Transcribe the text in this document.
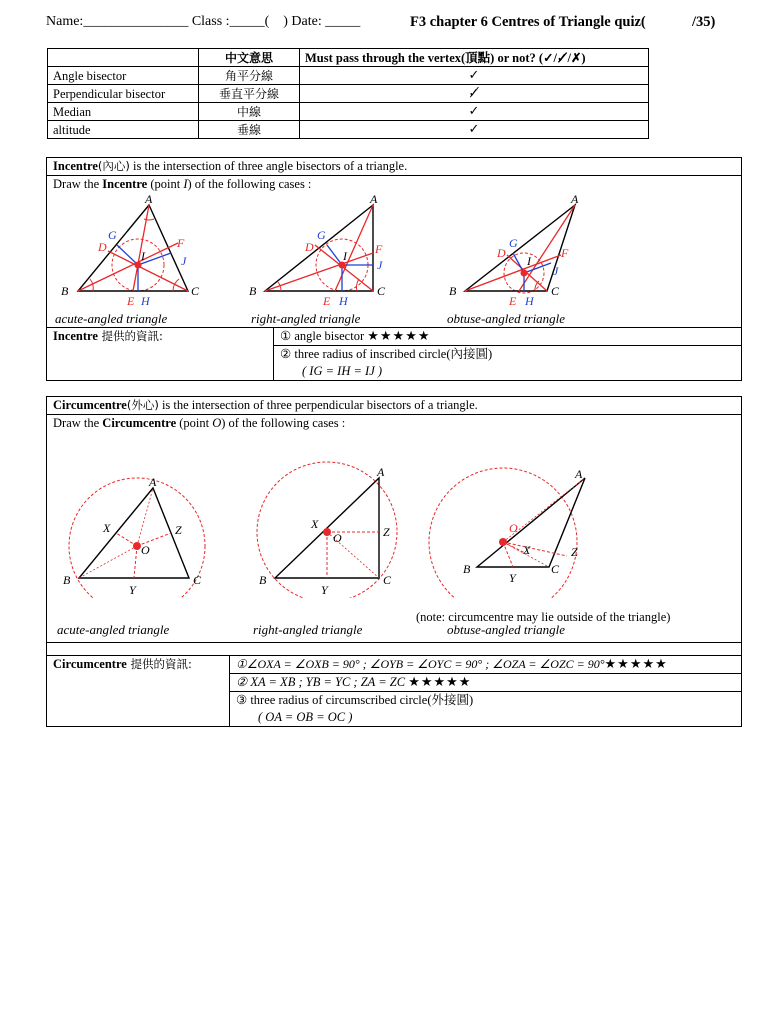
Name:_______________ Class :_____( ) Date: _____	F3 chapter 6 Centres of Triangle quiz(	/35)
	中文意思	Must pass through the vertex(頂點) or not? (✓/✓̸/✗)
Angle bisector	角平分線	✓
Perpendicular bisector	垂直平分線	✓̸
Median	中線	✓
altitude	垂線	✓
Incentre(內心) is the intersection of three angle bisectors of a triangle.
Draw the Incentre (point I) of the following cases :
A
B	C
D
G
I
F
J
E H
acute-angled triangle
A
B	C
D
G
I F
J
E H
right-angled triangle
A
B	C
D
G
I
F
J
E H
obtuse-angled triangle
Incentre 提供的資訊:	① angle bisector ★★★★★
② three radius of inscribed circle(內接圓)
( IG = IH = IJ )
Circumcentre(外心) is the intersection of three perpendicular bisectors of a triangle.
Draw the Circumcentre (point O) of the following cases :
A
B	C
X	Z
O
Y
acute-angled triangle
A
B	C
X
Z
O
Y
right-angled triangle
A
B	C
O
X	Z
Y
obtuse-angled triangle
(note: circumcentre may lie outside of the triangle)
Circumcentre 提供的資訊:	①∠OXA = ∠OXB = 90° ; ∠OYB = ∠OYC = 90° ; ∠OZA = ∠OZC = 90°★★★★★
② XA = XB ; YB = YC ; ZA = ZC ★★★★★
③ three radius of circumscribed circle(外接圓)
( OA = OB = OC )
